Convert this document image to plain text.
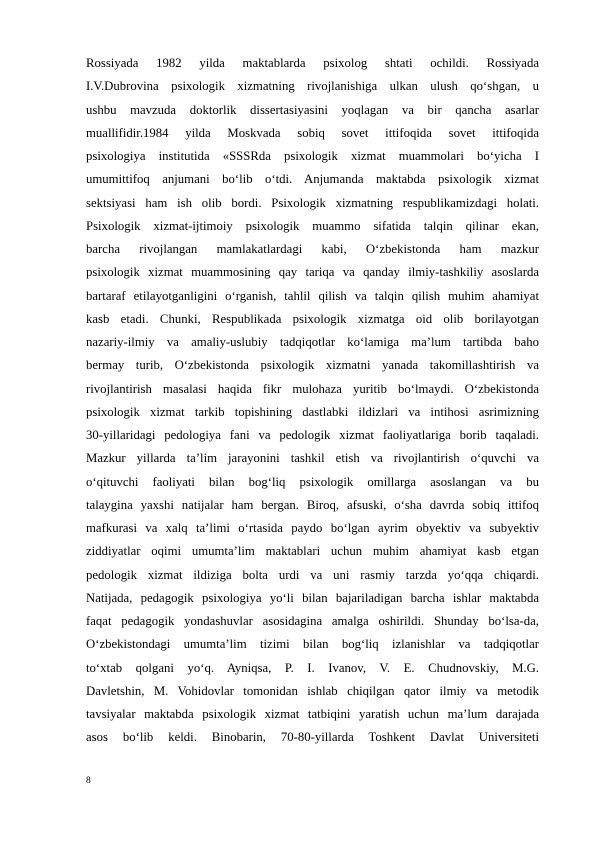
Rossiyada 1982 yilda maktablarda psixolog shtati ochildi. Rossiyada
I.V.Dubrovina psixologik xizmatning rivojlanishiga ulkan ulush qo‘shgan, u
ushbu mavzuda doktorlik dissertasiyasini yoqlagan va bir qancha asarlar
muallifidir.1984 yilda Moskvada sobiq sovet ittifoqida sovet ittifoqida
psixologiya institutida «SSSRda psixologik xizmat muammolari bo‘yicha I
umumittifoq anjumani bo‘lib o‘tdi. Anjumanda maktabda psixologik xizmat
sektsiyasi ham ish olib bordi. Psixologik xizmatning respublikamizdagi holati.
Psixologik xizmat-ijtimoiy psixologik muammo sifatida talqin qilinar ekan,
barcha rivojlangan mamlakatlardagi kabi, O‘zbekistonda ham mazkur
psixologik xizmat muammosining qay tariqa va qanday ilmiy-tashkiliy asoslarda
bartaraf etilayotganligini o‘rganish, tahlil qilish va talqin qilish muhim ahamiyat
kasb etadi. Chunki, Respublikada psixologik xizmatga oid olib borilayotgan
nazariy-ilmiy va amaliy-uslubiy tadqiqotlar ko‘lamiga ma’lum tartibda baho
bermay turib, O‘zbekistonda psixologik xizmatni yanada takomillashtirish va
rivojlantirish masalasi haqida fikr mulohaza yuritib bo‘lmaydi. O‘zbekistonda
psixologik xizmat tarkib topishining dastlabki ildizlari va intihosi asrimizning
30-yillaridagi pedologiya fani va pedologik xizmat faoliyatlariga borib taqaladi.
Mazkur yillarda ta’lim jarayonini tashkil etish va rivojlantirish o‘quvchi va
o‘qituvchi faoliyati bilan bog‘liq psixologik omillarga asoslangan va bu
talaygina yaxshi natijalar ham bergan. Biroq, afsuski, o‘sha davrda sobiq ittifoq
mafkurasi va xalq ta’limi o‘rtasida paydo bo‘lgan ayrim obyektiv va subyektiv
ziddiyatlar oqimi umumta’lim maktablari uchun muhim ahamiyat kasb etgan
pedologik xizmat ildiziga bolta urdi va uni rasmiy tarzda yo‘qqa chiqardi.
Natijada, pedagogik psixologiya yo‘li bilan bajariladigan barcha ishlar maktabda
faqat pedagogik yondashuvlar asosidagina amalga oshirildi. Shunday bo‘lsa-da,
O‘zbekistondagi umumta’lim tizimi bilan bog‘liq izlanishlar va tadqiqotlar
to‘xtab qolgani yo‘q. Ayniqsa, P. I. Ivanov, V. E. Chudnovskiy, M.G.
Davletshin, M. Vohidovlar tomonidan ishlab chiqilgan qator ilmiy va metodik
tavsiyalar maktabda psixologik xizmat tatbiqini yaratish uchun ma’lum darajada
asos bo‘lib keldi. Binobarin, 70-80-yillarda Toshkent Davlat Universiteti
8
